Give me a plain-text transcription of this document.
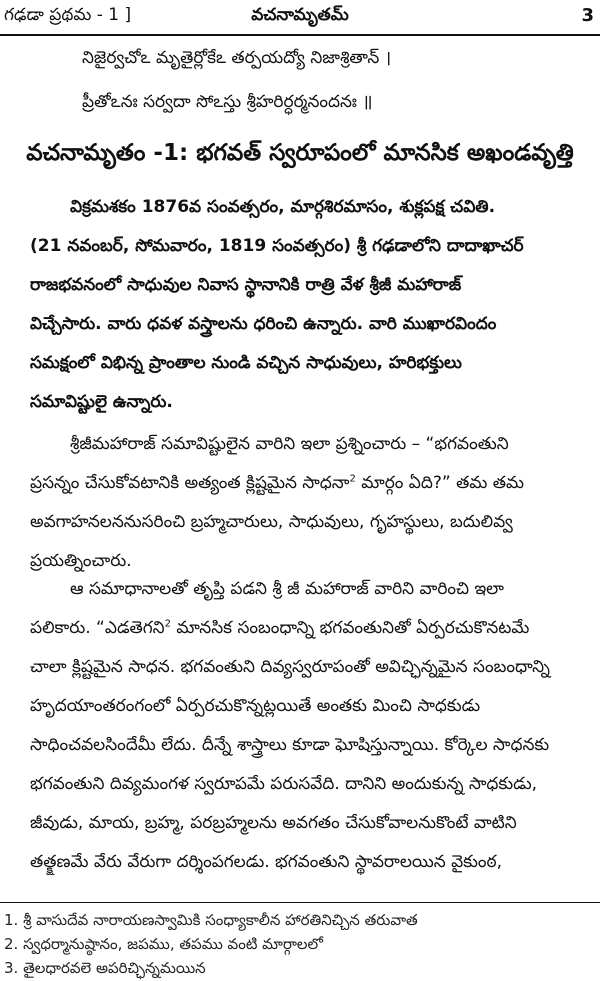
గఢడా ప్రథమ - 1 ]	వచనామృతమ్	3
నిజైర్వచోఽ మృతైర్లోకేఽ తర్పయద్యో నిజాశ్రితాన్ ।
ప్రీతోఽనః సర్వదా సోఽస్తు శ్రీహరిర్ధర్మనందనః ॥
వచనామృతం -1: భగవత్ స్వరూపంలో మానసిక అఖండవృత్తి
విక్రమశకం 1876వ సంవత్సరం, మార్గశిరమాసం, శుక్లపక్ష చవితి.
(21 నవంబర్, సోమవారం, 1819 సంవత్సరం) శ్రీ గఢడాలోని దాదాఖాచర్
రాజభవనంలో సాధువుల నివాస స్థానానికి రాత్రి వేళ శ్రీజీ మహారాజ్
విచ్చేసారు. వారు ధవళ వస్త్రాలను ధరించి ఉన్నారు. వారి ముఖారవిందం
సమక్షంలో విభిన్న ప్రాంతాల నుండి వచ్చిన సాధువులు, హరిభక్తులు
సమావిష్టులై ఉన్నారు.
శ్రీజీమహారాజ్ సమావిష్టులైన వారిని ఇలా ప్రశ్నించారు – “భగవంతుని
ప్రసన్నం చేసుకోవటానికి అత్యంత క్లిష్టమైన సాధనా$^2$ మార్గం ఏది?” తమ తమ
అవగాహనలననుసరించి బ్రహ్మచారులు, సాధువులు, గృహస్థులు, బదులివ్వ
ప్రయత్నించారు.
ఆ సమాధానాలతో తృప్తి పడని శ్రీ జీ మహారాజ్ వారిని వారించి ఇలా
పలికారు. “ఎడతెగని$^2$ మానసిక సంబంధాన్ని భగవంతునితో ఏర్పరచుకొనటమే
చాలా క్లిష్టమైన సాధన. భగవంతుని దివ్యస్వరూపంతో అవిచ్ఛిన్నమైన సంబంధాన్ని
హృదయాంతరంగంలో ఏర్పరచుకొన్నట్లయితే అంతకు మించి సాధకుడు
సాధించవలసిందేమీ లేదు. దీన్నే శాస్త్రాలు కూడా ఘోషిస్తున్నాయి. కోర్కెల సాధనకు
భగవంతుని దివ్యమంగళ స్వరూపమే పరుసవేది. దానిని అందుకున్న సాధకుడు,
జీవుడు, మాయ, బ్రహ్మ, పరబ్రహ్మలను అవగతం చేసుకోవాలనుకొంటే వాటిని
తత్క్షణమే వేరు వేరుగా దర్శింపగలడు. భగవంతుని స్థావరాలయిన వైకుంఠ,
1. శ్రీ వాసుదేవ నారాయణస్వామికి సంధ్యాకాలీన హారతినిచ్చిన తరువాత
2. స్వధర్మానుష్ఠానం, జపము, తపము వంటి మార్గాలలో
3. తైలధారవలె అపరిచ్ఛిన్నమయిన
